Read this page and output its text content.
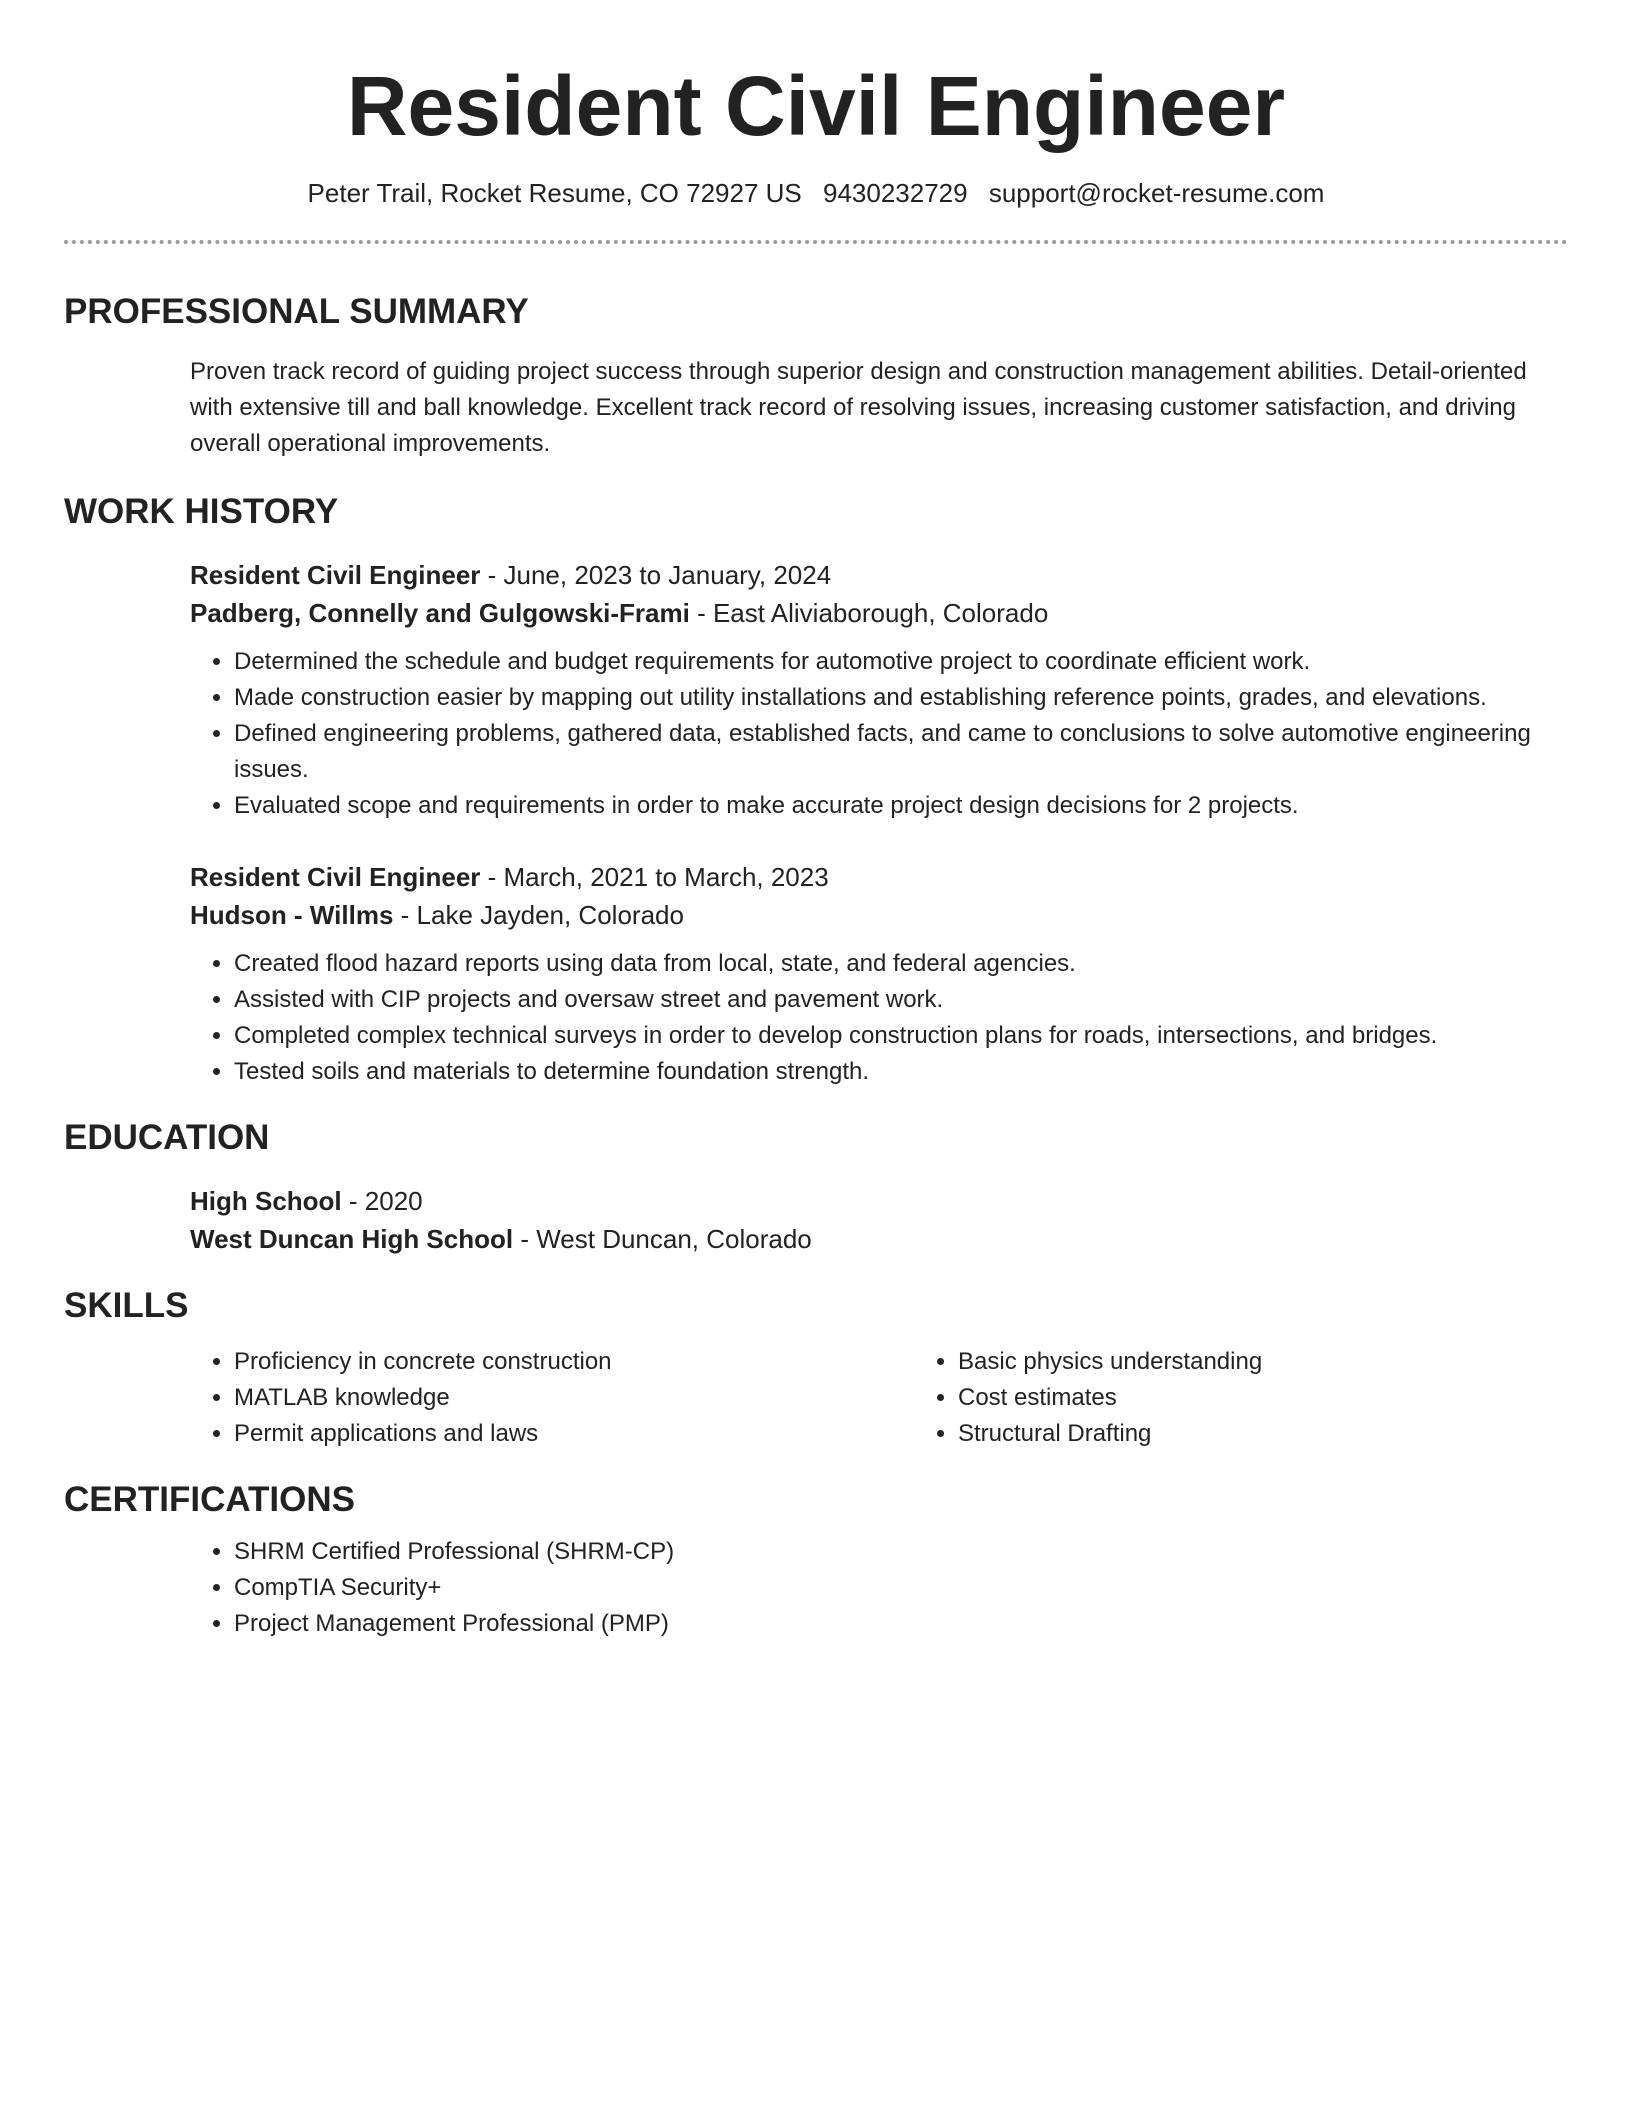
Resident Civil Engineer
Peter Trail, Rocket Resume, CO 72927 US 9430232729 support@rocket-resume.com
PROFESSIONAL SUMMARY
Proven track record of guiding project success through superior design and construction management abilities. Detail-oriented with extensive till and ball knowledge. Excellent track record of resolving issues, increasing customer satisfaction, and driving overall operational improvements.
WORK HISTORY
Resident Civil Engineer - June, 2023 to January, 2024
Padberg, Connelly and Gulgowski-Frami - East Aliviaborough, Colorado
• Determined the schedule and budget requirements for automotive project to coordinate efficient work.
• Made construction easier by mapping out utility installations and establishing reference points, grades, and elevations.
• Defined engineering problems, gathered data, established facts, and came to conclusions to solve automotive engineering issues.
• Evaluated scope and requirements in order to make accurate project design decisions for 2 projects.
Resident Civil Engineer - March, 2021 to March, 2023
Hudson - Willms - Lake Jayden, Colorado
• Created flood hazard reports using data from local, state, and federal agencies.
• Assisted with CIP projects and oversaw street and pavement work.
• Completed complex technical surveys in order to develop construction plans for roads, intersections, and bridges.
• Tested soils and materials to determine foundation strength.
EDUCATION
High School - 2020
West Duncan High School - West Duncan, Colorado
SKILLS
• Proficiency in concrete construction
• MATLAB knowledge
• Permit applications and laws
• Basic physics understanding
• Cost estimates
• Structural Drafting
CERTIFICATIONS
• SHRM Certified Professional (SHRM-CP)
• CompTIA Security+
• Project Management Professional (PMP)
